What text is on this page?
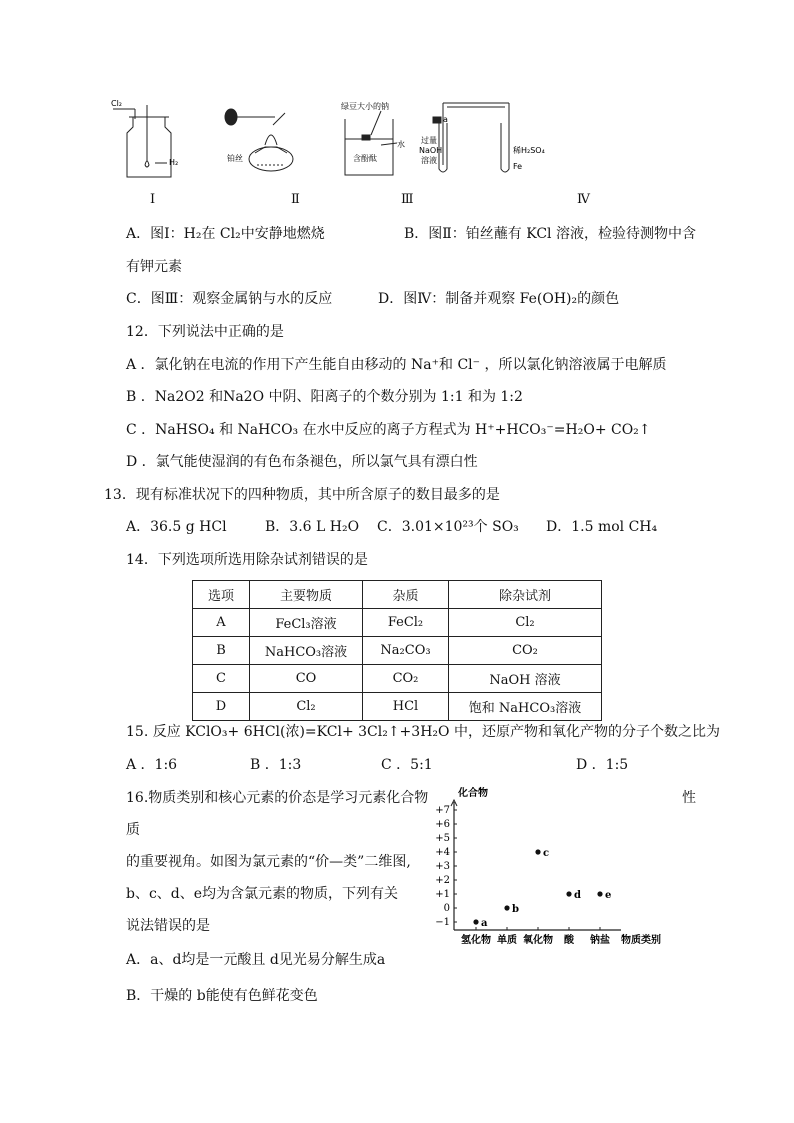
Cl₂
H₂	铂丝
绿豆大小的钠
水
含酚酞
a
过量
NaOH
溶液
稀H₂SO₄
Fe
Ⅰ	Ⅱ	Ⅲ	Ⅳ
A．图Ⅰ：H₂在 Cl₂中安静地燃烧	B．图Ⅱ：铂丝蘸有 KCl 溶液，检验待测物中含
有钾元素
C．图Ⅲ：观察金属钠与水的反应	D．图Ⅳ：制备并观察 Fe(OH)₂的颜色
12．下列说法中正确的是
A ．氯化钠在电流的作用下产生能自由移动的 Na⁺和 Cl⁻ ，所以氯化钠溶液属于电解质
B ．Na2O2 和Na2O 中阴、阳离子的个数分别为 1:1 和为 1:2
C ．NaHSO₄ 和 NaHCO₃ 在水中反应的离子方程式为 H⁺+HCO₃⁻=H₂O+ CO₂↑
D ．氯气能使湿润的有色布条褪色，所以氯气具有漂白性
13．现有标准状况下的四种物质，其中所含原子的数目最多的是
A．36.5 g HCl	B．3.6 L H₂O C．3.01×10²³个 SO₃ D．1.5 mol CH₄
14．下列选项所选用除杂试剂错误的是
选项	主要物质	杂质	除杂试剂
A	FeCl₃溶液	FeCl₂	Cl₂
B	NaHCO₃溶液	Na₂CO₃	CO₂
C	CO	CO₂	NaOH 溶液
D	Cl₂	HCl	饱和 NaHCO₃溶液
15. 反应 KClO₃+ 6HCl(浓)=KCl+ 3Cl₂↑+3H₂O 中，还原产物和氧化产物的分子个数之比为
A ．1:6	B ．1:3	C ．5:1	D ．1:5
16.物质类别和核心元素的价态是学习元素化合物	性
质
的重要视角。如图为氯元素的“价—类”二维图,
b、c、d、e均为含氯元素的物质，下列有关
说法错误的是
A．a、d均是一元酸且 d见光易分解生成a
B．干燥的 b能使有色鲜花变色
+7
+6
+5
+4
+3
+2
+1
0
−1
氢化物 单质 氧化物 酸 钠盐
化合物
物质类别
a
b
c
d e
